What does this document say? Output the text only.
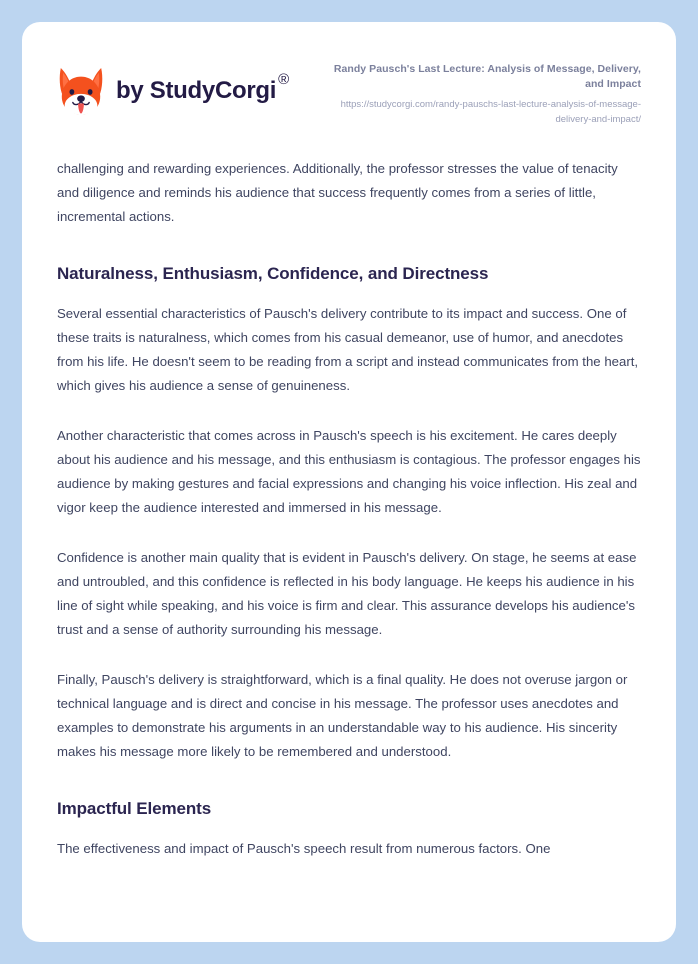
by StudyCorgi ®

Randy Pausch's Last Lecture: Analysis of Message, Delivery, and Impact

https://studycorgi.com/randy-pauschs-last-lecture-analysis-of-message-delivery-and-impact/

challenging and rewarding experiences. Additionally, the professor stresses the value of tenacity and diligence and reminds his audience that success frequently comes from a series of little, incremental actions.

Naturalness, Enthusiasm, Confidence, and Directness

Several essential characteristics of Pausch's delivery contribute to its impact and success. One of these traits is naturalness, which comes from his casual demeanor, use of humor, and anecdotes from his life. He doesn't seem to be reading from a script and instead communicates from the heart, which gives his audience a sense of genuineness.

Another characteristic that comes across in Pausch's speech is his excitement. He cares deeply about his audience and his message, and this enthusiasm is contagious. The professor engages his audience by making gestures and facial expressions and changing his voice inflection. His zeal and vigor keep the audience interested and immersed in his message.

Confidence is another main quality that is evident in Pausch's delivery. On stage, he seems at ease and untroubled, and this confidence is reflected in his body language. He keeps his audience in his line of sight while speaking, and his voice is firm and clear. This assurance develops his audience's trust and a sense of authority surrounding his message.

Finally, Pausch's delivery is straightforward, which is a final quality. He does not overuse jargon or technical language and is direct and concise in his message. The professor uses anecdotes and examples to demonstrate his arguments in an understandable way to his audience. His sincerity makes his message more likely to be remembered and understood.

Impactful Elements

The effectiveness and impact of Pausch's speech result from numerous factors. One
